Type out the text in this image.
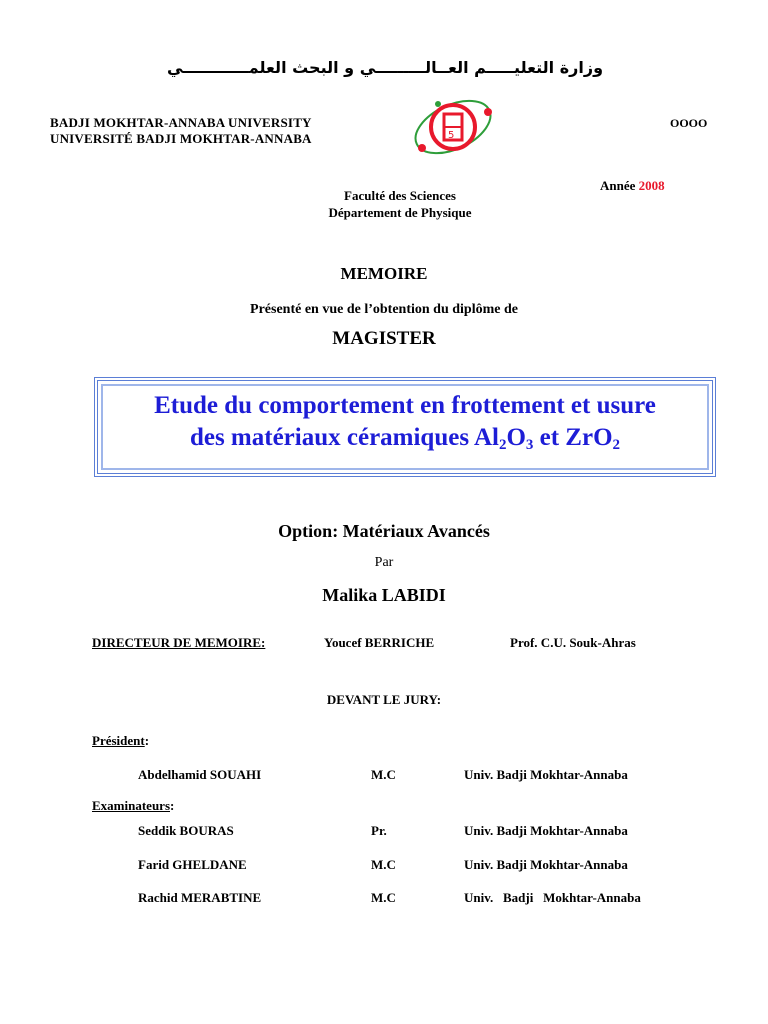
وزارة التعليـــــم العــالـــــــــي و البحث العلمــــــــــــي
BADJI MOKHTAR-ANNABA UNIVERSITY
UNIVERSITÉ BADJI MOKHTAR-ANNABA	5
OOOO
Année 2008
Faculté des Sciences
Département de Physique
MEMOIRE
Présenté en vue de l’obtention du diplôme de
MAGISTER
Etude du comportement en frottement et usure
des matériaux céramiques $Al_2O_3$ et ZrO$_2$
Option: Matériaux Avancés
Par
Malika LABIDI
DIRECTEUR DE MEMOIRE:	Youcef BERRICHE	Prof. C.U. Souk-Ahras
DEVANT LE JURY:
Président:
Abdelhamid SOUAHI	M.C	Univ. Badji Mokhtar-Annaba
Examinateurs:
Seddik BOURAS	Pr.	Univ. Badji Mokhtar-Annaba
Farid GHELDANE	M.C	Univ. Badji Mokhtar-Annaba
Rachid MERABTINE	M.C	Univ.   Badji   Mokhtar-Annaba
